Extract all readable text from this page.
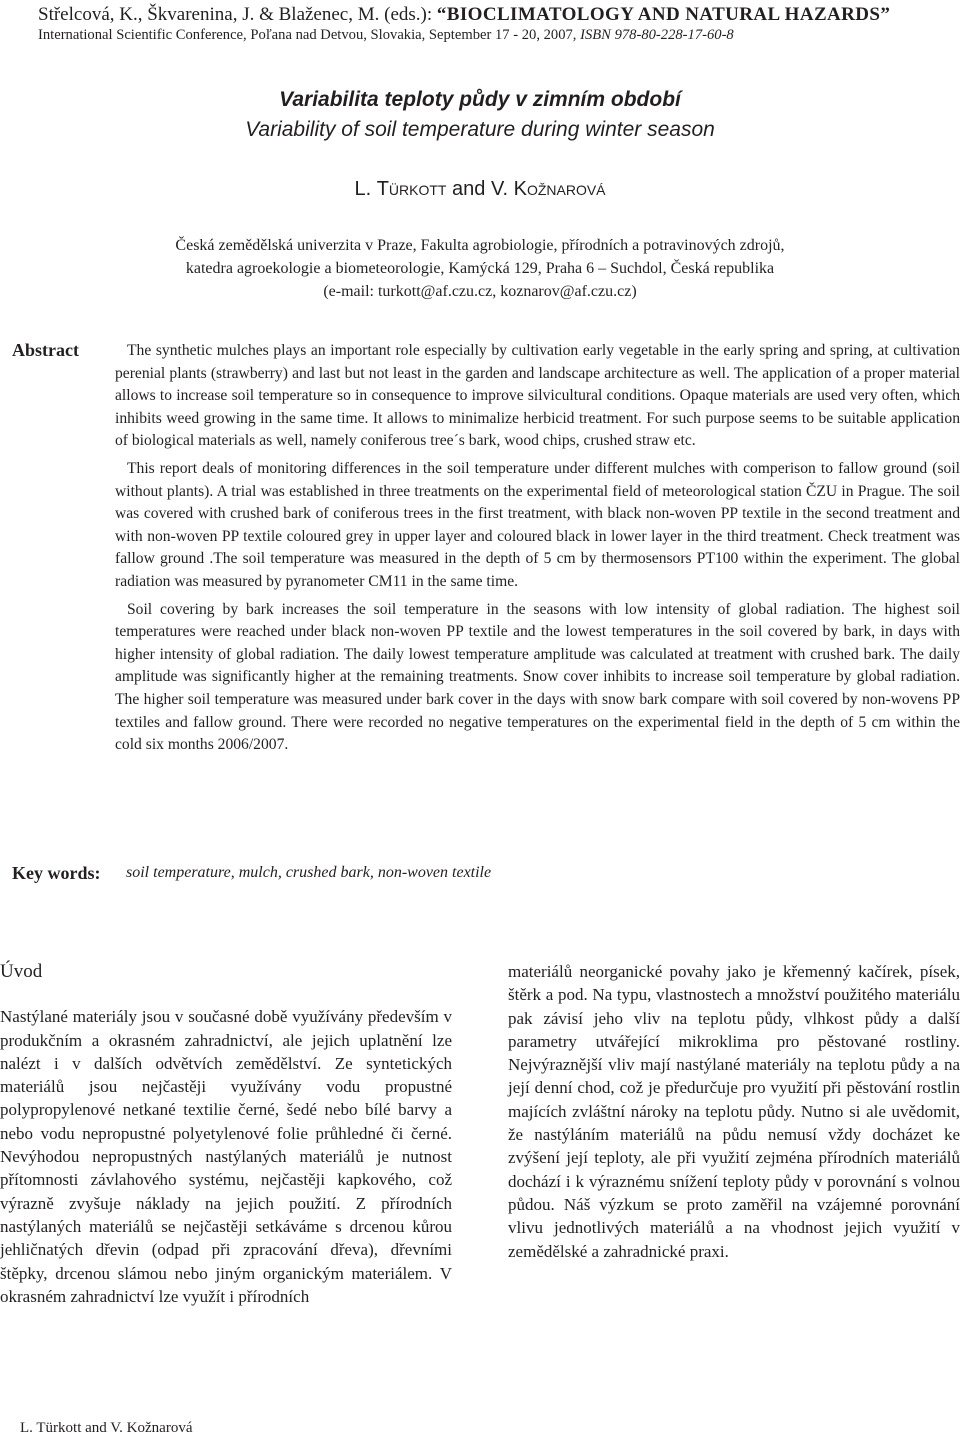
Střelcová, K., Škvarenina, J. & Blaženec, M. (eds.): “BIOCLIMATOLOGY AND NATURAL HAZARDS”
International Scientific Conference, Poľana nad Detvou, Slovakia, September 17 - 20, 2007, ISBN 978-80-228-17-60-8
Variabilita teploty půdy v zimním období
Variability of soil temperature during winter season
L. Türkott and V. Kožnarová
Česká zemědělská univerzita v Praze, Fakulta agrobiologie, přírodních a potravinových zdrojů,
katedra agroekologie a biometeorologie, Kamýcká 129, Praha 6 – Suchdol, Česká republika
(e-mail: turkott@af.czu.cz, koznarov@af.czu.cz)
Abstract	The synthetic mulches plays an important role especially by cultivation early vegetable in the early spring and spring, at cultivation perenial plants (strawberry) and last but not least in the garden and landscape architecture as well. The application of a proper material allows to increase soil temperature so in consequence to improve silvicultural conditions. Opaque materials are used very often, which inhibits weed growing in the same time. It allows to minimalize herbicid treatment. For such purpose seems to be suitable application of biological materials as well, namely coniferous tree´s bark, wood chips, crushed straw etc.

This report deals of monitoring differences in the soil temperature under different mulches with comperison to fallow ground (soil without plants). A trial was established in three treatments on the experimental field of meteorological station ČZU in Prague. The soil was covered with crushed bark of coniferous trees in the first treatment, with black non-woven PP textile in the second treatment and with non-woven PP textile coloured grey in upper layer and coloured black in lower layer in the third treatment. Check treatment was fallow ground .The soil temperature was measured in the depth of 5 cm by thermosensors PT100 within the experiment. The global radiation was measured by pyranometer CM11 in the same time.

Soil covering by bark increases the soil temperature in the seasons with low intensity of global radiation. The highest soil temperatures were reached under black non-woven PP textile and the lowest temperatures in the soil covered by bark, in days with higher intensity of global radiation. The daily lowest temperature amplitude was calculated at treatment with crushed bark. The daily amplitude was significantly higher at the remaining treatments. Snow cover inhibits to increase soil temperature by global radiation. The higher soil temperature was measured under bark cover in the days with snow bark compare with soil covered by non-wovens PP textiles and fallow ground. There were recorded no negative temperatures on the experimental field in the depth of 5 cm within the cold six months 2006/2007.

Key words: soil temperature, mulch, crushed bark, non-woven textile
Úvod

Nastýlané materiály jsou v současné době využívány především v produkčním a okrasném zahradnictví, ale jejich uplatnění lze nalézt i v dalších odvětvích zemědělství. Ze syntetických materiálů jsou nejčastěji využívány vodu propustné polypropylenové netkané textilie černé, šedé nebo bílé barvy a nebo vodu nepropustné polyetylenové folie průhledné či černé. Nevýhodou nepropustných nastýlaných materiálů je nutnost přítomnosti závlahového systému, nejčastěji kapkového, což výrazně zvyšuje náklady na jejich použití. Z přírodních nastýlaných materiálů se nejčastěji setkáváme s drcenou kůrou jehličnatých dřevin (odpad při zpracování dřeva), dřevními štěpky, drcenou slámou nebo jiným organickým materiálem. V okrasném zahradnictví lze využít i přírodních

materiálů neorganické povahy jako je křemenný kačírek, písek, štěrk a pod. Na typu, vlastnostech a množství použitého materiálu pak závisí jeho vliv na teplotu půdy, vlhkost půdy a další parametry utvářející mikroklima pro pěstované rostliny. Nejvýraznější vliv mají nastýlané materiály na teplotu půdy a na její denní chod, což je předurčuje pro využití při pěstování rostlin majících zvláštní nároky na teplotu půdy. Nutno si ale uvědomit, že nastýláním materiálů na půdu nemusí vždy docházet ke zvýšení její teploty, ale při využití zejména přírodních materiálů dochází i k výraznému snížení teploty půdy v porovnání s volnou půdou. Náš výzkum se proto zaměřil na vzájemné porovnání vlivu jednotlivých materiálů a na vhodnost jejich využití v zemědělské a zahradnické praxi.

L. Türkott and V. Kožnarová
